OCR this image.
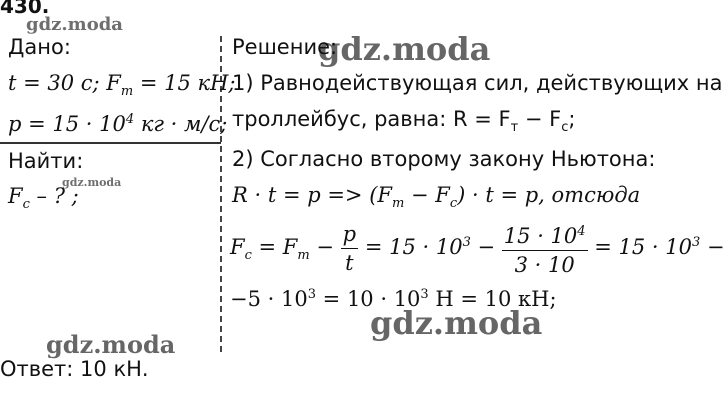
430.
gdz.moda
gdz.moda
gdz.moda
gdz.moda
gdz.moda
Дано:
t = 30 с; $F_т = 15$ кН;
$p = 15 \cdot 10^4$ кг · м/с;
Найти:
$F_c$ – ? ;
Решение:
1) Равнодействующая сил, действующих на
троллейбус, равна: $R = F_т - F_c$;
2) Согласно второму закону Ньютона:
$R \cdot t = p => (F_т - F_c) \cdot t = p$, отсюда
$F_c = F_т - \frac{p}{t} = 15 \cdot 10^3 - \frac{15 \cdot 10^4}{3 \cdot 10} = 15 \cdot 10^3$ −
$-5 \cdot 10^3 = 10 \cdot 10^3$ Н = 10 кН;
Ответ: 10 кН.
